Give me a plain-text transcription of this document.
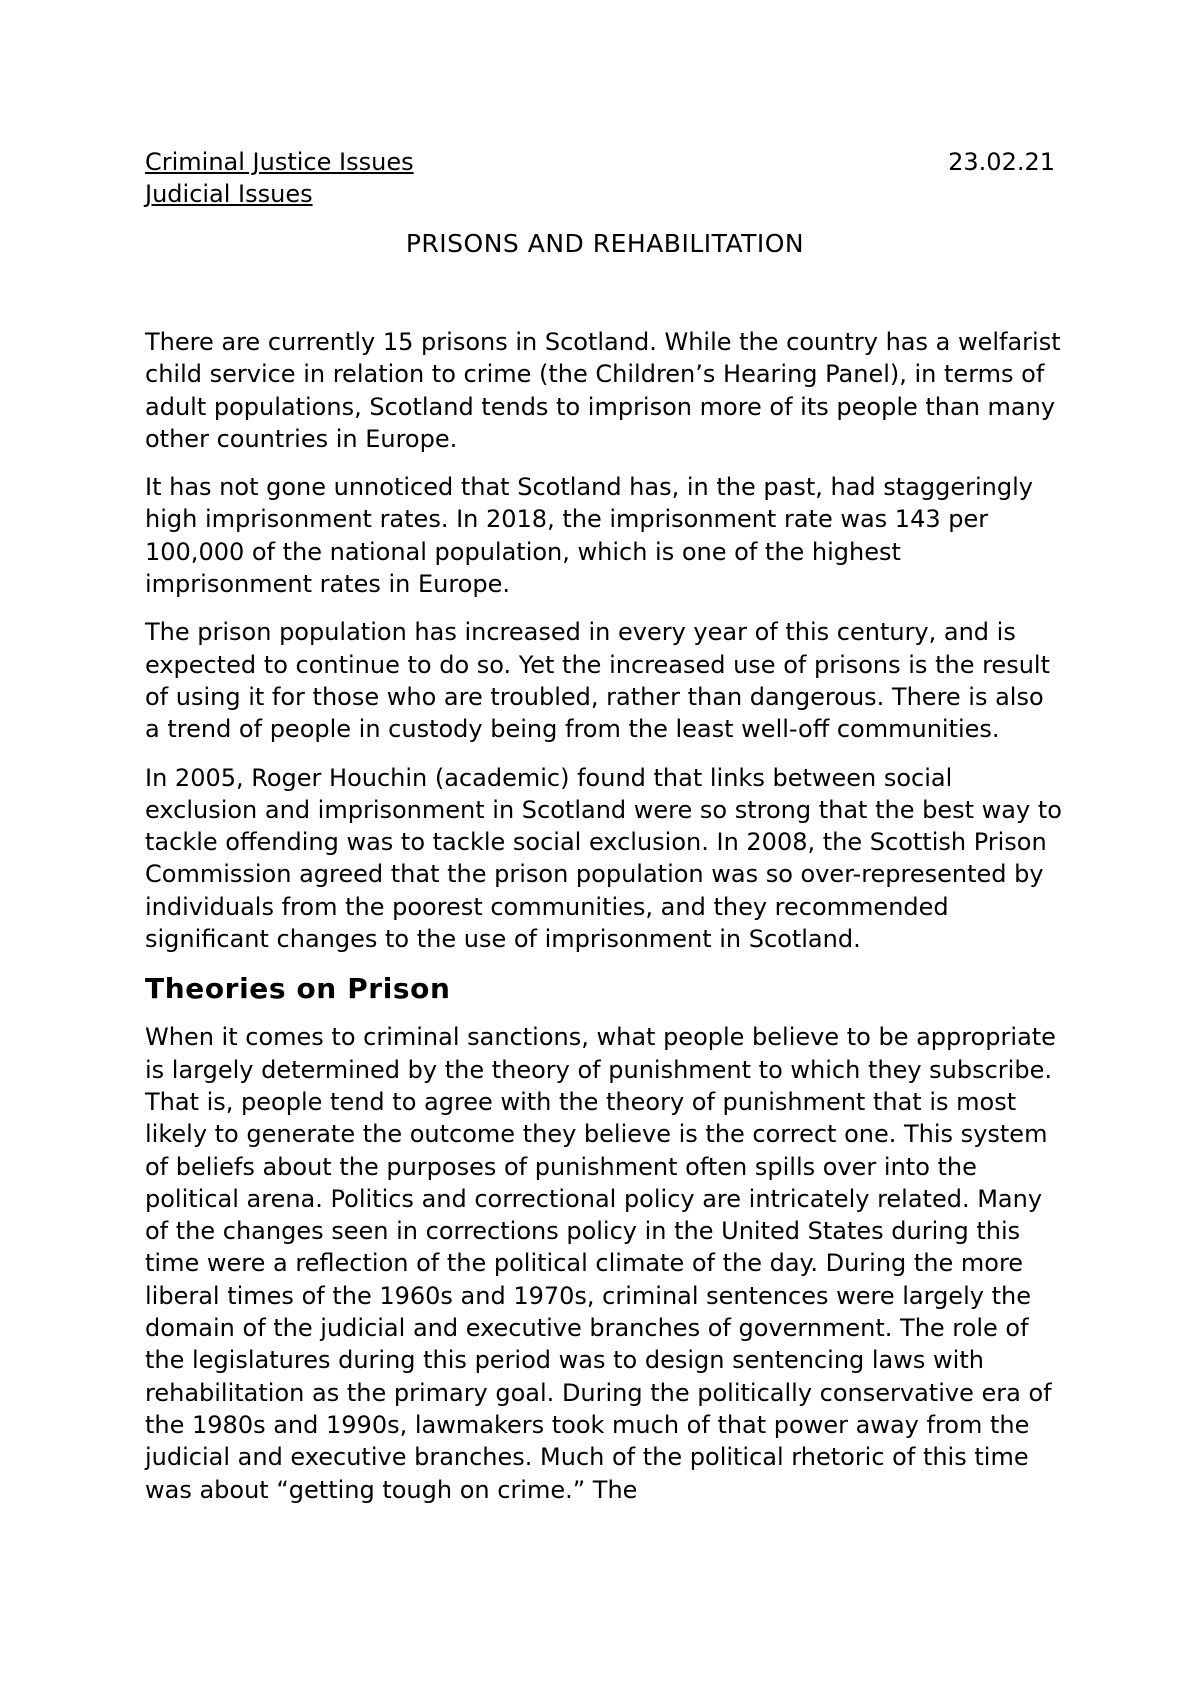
Criminal Justice Issues	23.02.21
Judicial Issues
PRISONS AND REHABILITATION

There are currently 15 prisons in Scotland. While the country has a welfarist child service in relation to crime (the Children’s Hearing Panel), in terms of adult populations, Scotland tends to imprison more of its people than many other countries in Europe.

It has not gone unnoticed that Scotland has, in the past, had staggeringly high imprisonment rates. In 2018, the imprisonment rate was 143 per 100,000 of the national population, which is one of the highest imprisonment rates in Europe.

The prison population has increased in every year of this century, and is expected to continue to do so. Yet the increased use of prisons is the result of using it for those who are troubled, rather than dangerous. There is also a trend of people in custody being from the least well-off communities.

In 2005, Roger Houchin (academic) found that links between social exclusion and imprisonment in Scotland were so strong that the best way to tackle offending was to tackle social exclusion. In 2008, the Scottish Prison Commission agreed that the prison population was so over-represented by individuals from the poorest communities, and they recommended significant changes to the use of imprisonment in Scotland.

Theories on Prison

When it comes to criminal sanctions, what people believe to be appropriate is largely determined by the theory of punishment to which they subscribe. That is, people tend to agree with the theory of punishment that is most likely to generate the outcome they believe is the correct one. This system of beliefs about the purposes of punishment often spills over into the political arena. Politics and correctional policy are intricately related. Many of the changes seen in corrections policy in the United States during this time were a reflection of the political climate of the day. During the more liberal times of the 1960s and 1970s, criminal sentences were largely the domain of the judicial and executive branches of government. The role of the legislatures during this period was to design sentencing laws with rehabilitation as the primary goal. During the politically conservative era of the 1980s and 1990s, lawmakers took much of that power away from the judicial and executive branches. Much of the political rhetoric of this time was about “getting tough on crime.” The
